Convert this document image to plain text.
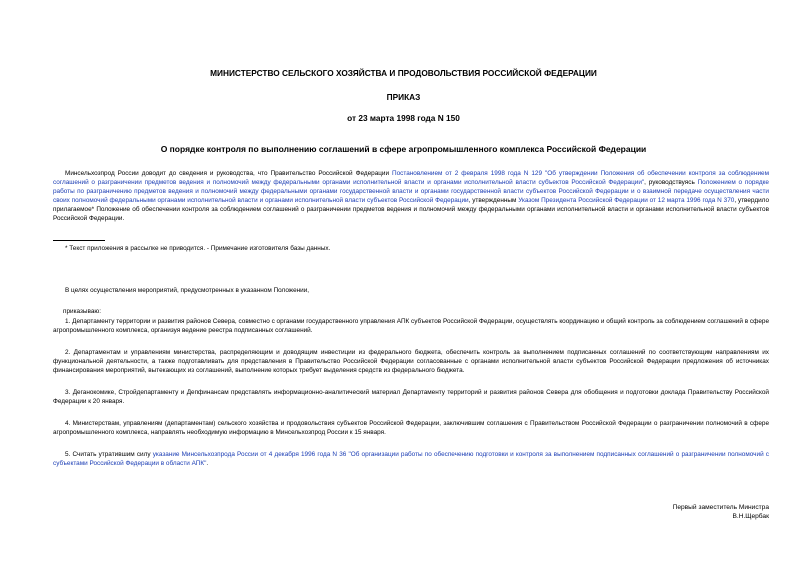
МИНИСТЕРСТВО СЕЛЬСКОГО ХОЗЯЙСТВА И ПРОДОВОЛЬСТВИЯ РОССИЙСКОЙ ФЕДЕРАЦИИ
ПРИКАЗ
от 23 марта 1998 года N 150
О порядке контроля по выполнению соглашений в сфере агропромышленного комплекса Российской Федерации
Минсельхозпрод России доводит до сведения и руководства, что Правительство Российской Федерации Постановлением от 2 февраля 1998 года N 129 "Об утверждении Положения об обеспечении контроля за соблюдением соглашений о разграничении предметов ведения и полномочий между федеральными органами исполнительной власти и органами исполнительной власти субъектов Российской Федерации", руководствуясь Положением о порядке работы по разграничению предметов ведения и полномочий между федеральными органами государственной власти и органами государственной власти субъектов Российской Федерации и о взаимной передаче осуществления части своих полномочий федеральными органами исполнительной власти и органами исполнительной власти субъектов Российской Федерации, утвержденным Указом Президента Российской Федерации от 12 марта 1996 года N 370, утвердило прилагаемое* Положение об обеспечении контроля за соблюдением соглашений о разграничении предметов ведения и полномочий между федеральными органами исполнительной власти и органами исполнительной власти субъектов Российской Федерации.
* Текст приложения в рассылке не приводится. - Примечание изготовителя базы данных.
В целях осуществления мероприятий, предусмотренных в указанном Положении,
приказываю:
1. Департаменту территории и развития районов Севера, совместно с органами государственного управления АПК субъектов Российской Федерации, осуществлять координацию и общий контроль за соблюдением соглашений в сфере агропромышленного комплекса, организуя ведение реестра подписанных соглашений.
2. Департаментам и управлениям министерства, распределяющим и доводящим инвестиции из федерального бюджета, обеспечить контроль за выполнением подписанных соглашений по соответствующим направлениям их функциональной деятельности, а также подготавливать для представления в Правительство Российской Федерации согласованные с органами исполнительной власти субъектов Российской Федерации предложения об источниках финансирования мероприятий, вытекающих из соглашений, выполнение которых требует выделения средств из федерального бюджета.
3. Деганокомике, Стройдепартаменту и Депфинансам представлять информационно-аналитический материал Департаменту территорий и развития районов Севера для обобщения и подготовки доклада Правительству Российской Федерации к 20 января.
4. Министерствам, управлениям (департаментам) сельского хозяйства и продовольствия субъектов Российской Федерации, заключившим соглашения с Правительством Российской Федерации о разграничении полномочий в сфере агропромышленного комплекса, направлять необходимую информацию в Минсельхозпрод России к 15 января.
5. Считать утратившим силу указание Минсельхозпрода России от 4 декабря 1996 года N 36 "Об организации работы по обеспечению подготовки и контроля за выполнением подписанных соглашений о разграничении полномочий с субъектами Российской Федерации в области АПК".
Первый заместитель Министра
В.Н.Щербак
